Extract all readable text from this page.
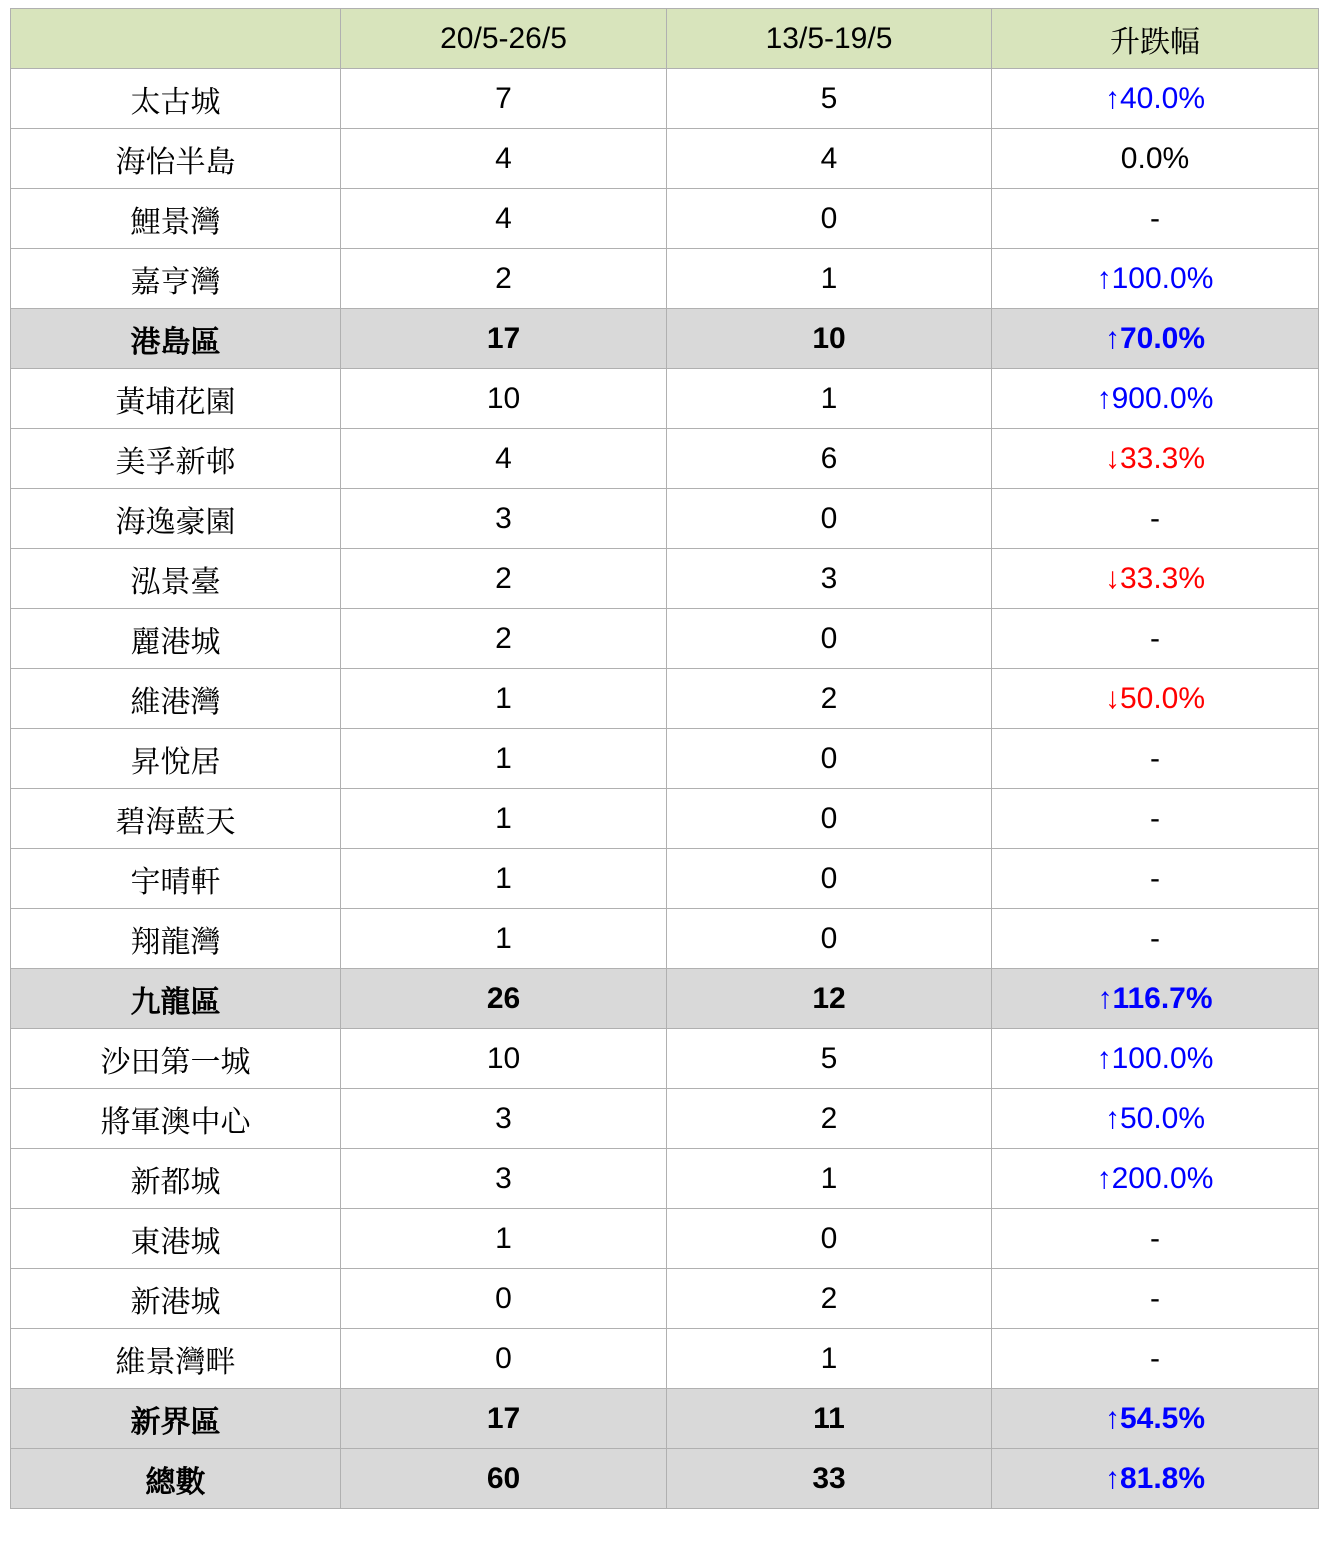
	20/5-26/5	13/5-19/5	升跌幅
太古城	7	5	↑40.0%
海怡半島	4	4	0.0%
鯉景灣	4	0	-
嘉亨灣	2	1	↑100.0%
港島區	17	10	↑70.0%
黃埔花園	10	1	↑900.0%
美孚新邨	4	6	↓33.3%
海逸豪園	3	0	-
泓景臺	2	3	↓33.3%
麗港城	2	0	-
維港灣	1	2	↓50.0%
昇悅居	1	0	-
碧海藍天	1	0	-
宇晴軒	1	0	-
翔龍灣	1	0	-
九龍區	26	12	↑116.7%
沙田第一城	10	5	↑100.0%
將軍澳中心	3	2	↑50.0%
新都城	3	1	↑200.0%
東港城	1	0	-
新港城	0	2	-
維景灣畔	0	1	-
新界區	17	11	↑54.5%
總數	60	33	↑81.8%
